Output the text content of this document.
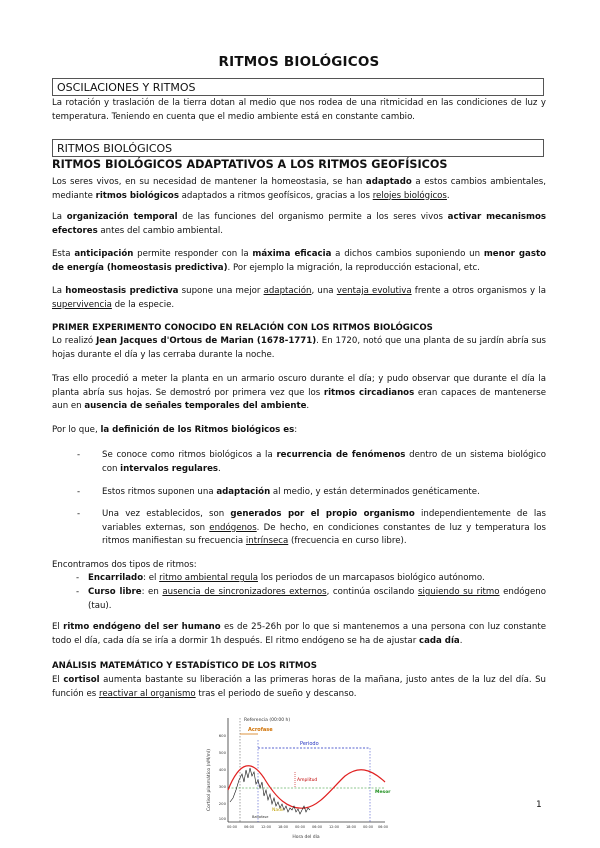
RITMOS BIOLÓGICOS
OSCILACIONES Y RITMOS
La rotación y traslación de la tierra dotan al medio que nos rodea de una ritmicidad en las condiciones de luz y temperatura. Teniendo en cuenta que el medio ambiente está en constante cambio.
RITMOS BIOLÓGICOS
RITMOS BIOLÓGICOS ADAPTATIVOS A LOS RITMOS GEOFÍSICOS
Los seres vivos, en su necesidad de mantener la homeostasia, se han adaptado a estos cambios ambientales, mediante ritmos biológicos adaptados a ritmos geofísicos, gracias a los relojes biológicos.
La organización temporal de las funciones del organismo permite a los seres vivos activar mecanismos efectores antes del cambio ambiental.
Esta anticipación permite responder con la máxima eficacia a dichos cambios suponiendo un menor gasto de energía (homeostasis predictiva). Por ejemplo la migración, la reproducción estacional, etc.
La homeostasis predictiva supone una mejor adaptación, una ventaja evolutiva frente a otros organismos y la supervivencia de la especie.
PRIMER EXPERIMENTO CONOCIDO EN RELACIÓN CON LOS RITMOS BIOLÓGICOS
Lo realizó Jean Jacques d'Ortous de Marian (1678-1771). En 1720, notó que una planta de su jardín abría sus hojas durante el día y las cerraba durante la noche.
Tras ello procedió a meter la planta en un armario oscuro durante el día; y pudo observar que durante el día la planta abría sus hojas. Se demostró por primera vez que los ritmos circadianos eran capaces de mantenerse aun en ausencia de señales temporales del ambiente.
Por lo que, la definición de los Ritmos biológicos es:
-	Se conoce como ritmos biológicos a la recurrencia de fenómenos dentro de un sistema biológico con intervalos regulares.
-	Estos ritmos suponen una adaptación al medio, y están determinados genéticamente.
-	Una vez establecidos, son generados por el propio organismo independientemente de las variables externas, son endógenos. De hecho, en condiciones constantes de luz y temperatura los ritmos manifiestan su frecuencia intrínseca (frecuencia en curso libre).
Encontramos dos tipos de ritmos:
- Encarrilado: el ritmo ambiental regula los periodos de un marcapasos biológico autónomo.
- Curso libre: en ausencia de sincronizadores externos, continúa oscilando siguiendo su ritmo endógeno (tau).
El ritmo endógeno del ser humano es de 25-26h por lo que si mantenemos a una persona con luz constante todo el día, cada día se iría a dormir 1h después. El ritmo endógeno se ha de ajustar cada día.
ANÁLISIS MATEMÁTICO Y ESTADÍSTICO DE LOS RITMOS
El cortisol aumenta bastante su liberación a las primeras horas de la mañana, justo antes de la luz del día. Su función es reactivar al organismo tras el periodo de sueño y descanso.
Referencia (00:00 h)
Acrofase
Periodo
Mesor
Amplitud
Nadir
600
500
400
300
200
100
Cortisol plasmático (nM/ml)
00:00 06:00 12:00 18:00 00:00 06:00 12:00 18:00 00:00 06:00
Hora del día
Batiafase
1
